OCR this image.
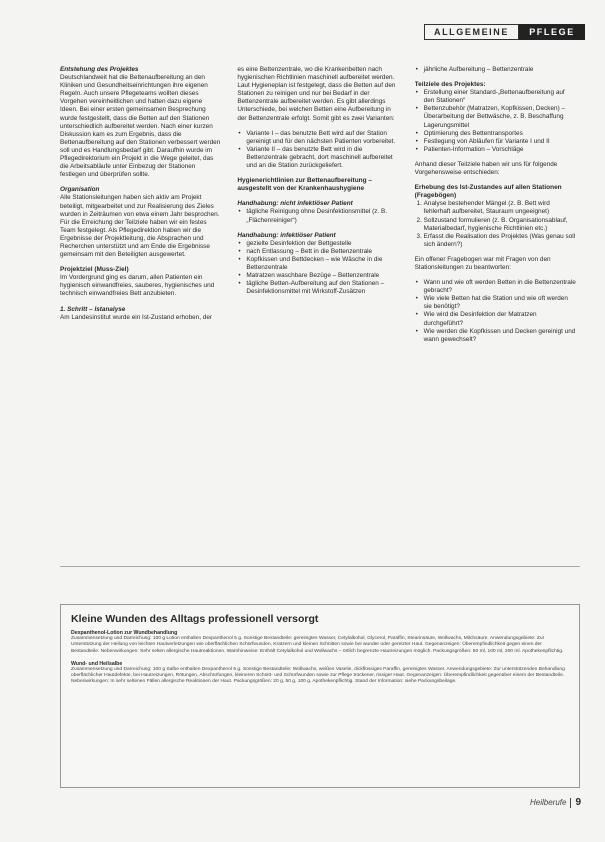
ALLGEMEINE	PFLEGE
Entstehung des Projektes

Deutschlandweit hat die Bettenaufbereitung an den Kliniken und Gesundheitseinrichtungen ihre eigenen Regeln. Auch unsere Pflegeteams wollten dieses Vorgehen vereinheitlichen und hatten dazu eigene Ideen. Bei einer ersten gemeinsamen Besprechung wurde festgestellt, dass die Betten auf den Stationen unterschiedlich aufbereitet werden. Nach einer kurzen Diskussion kam es zum Ergebnis, dass die Bettenaufbereitung auf den Stationen verbessert werden soll und es Handlungsbedarf gibt. Daraufhin wurde im Pflegedirektorium ein Projekt in die Wege geleitet, das die Arbeitsabläufe unter Einbezug der Stationen festlegen und überprüfen sollte.

Organisation

Alle Stationsleitungen haben sich aktiv am Projekt beteiligt, mitgearbeitet und zur Realisierung des Zieles wurden in Zeiträumen von etwa einem Jahr besprochen. Für die Erreichung der Teilziele haben wir ein festes Team festgelegt. Als Pflegedirektion haben wir die Ergebnisse der Projektleitung, die Absprachen und Recherchen unterstützt und am Ende die Ergebnisse gemeinsam mit den Beteiligten ausgewertet.

Projektziel (Muss-Ziel)

Im Vordergrund ging es darum, allen Patienten ein hygienisch einwandfreies, sauberes, hygienisches und technisch einwandfreies Bett anzubieten.

1. Schritt – Istanalyse

Am Landesinstitut wurde ein Ist-Zustand erhoben, der

es eine Bettenzentrale, wo die Krankenbetten nach hygienischen Richtlinien maschinell aufbereitet werden. Laut Hygieneplan ist festgelegt, dass die Betten auf den Stationen zu reinigen und nur bei Bedarf in der Bettenzentrale aufbereitet werden. Es gibt allerdings Unterschiede, bei welchen Betten eine Aufbereitung in der Bettenzentrale erfolgt. Somit gibt es zwei Varianten:

• Variante I – das benutzte Bett wird auf der Station gereinigt und für den nächsten Patienten vorbereitet.
• Variante II – das benutzte Bett wird in die Bettenzentrale gebracht, dort maschinell aufbereitet und an die Station zurückgeliefert.
Hygienerichtlinien zur Bettenaufbereitung – ausgestellt von der Krankenhaushygiene

Handhabung: nicht infektiöser Patient
• tägliche Reinigung ohne Desinfektionsmittel (z. B. „Flächenreiniger“)
Handhabung: infektiöser Patient
• gezielte Desinfektion der Bettgestelle
• nach Entlassung – Bett in die Bettenzentrale
• Kopfkissen und Bettdecken – wie Wäsche in die Bettenzentrale
• Matratzen waschbare Bezüge – Bettenzentrale
• tägliche Betten-Aufbereitung auf den Stationen – Desinfektionsmittel mit Wirkstoff-Zusätzen
• jährliche Aufbereitung – Bettenzentrale
Teilziele des Projektes:
• Erstellung einer Standard-„Bettenaufbereitung auf den Stationen“
• Bettenzubehör (Matratzen, Kopfkissen, Decken) – Überarbeitung der Bettwäsche, z. B. Beschaffung Lagerungsmittel
• Optimierung des Bettentransportes
• Festlegung von Abläufen für Variante I und II
• Patienten-Information – Vorschläge

Anhand dieser Teilziele haben wir uns für folgende Vorgehensweise entschieden:

Erhebung des Ist-Zustandes auf allen Stationen (Fragebögen)
1. Analyse bestehender Mängel (z. B. Bett wird fehlerhaft aufbereitet, Stauraum ungeeignet)
2. Sollzustand formulieren (z. B. Organisationsablauf, Materialbedarf, hygienische Richtlinien etc.)
3. Erfasst die Realisation des Projektes (Was genau soll sich ändern?)

Ein offener Fragebogen war mit Fragen von den Stationsleitungen zu beantworten:

• Wann und wie oft werden Betten in die Bettenzentrale gebracht?
• Wie viele Betten hat die Station und wie oft werden sie benötigt?
• Wie wird die Desinfektion der Matratzen durchgeführt?
• Wie werden die Kopfkissen und Decken gereinigt und wann gewechselt?
Kleine Wunden des Alltags professionell versorgt
Dexpanthenol-Lotion zur Wundbehandlung

Zusammensetzung und Darreichung: 100 g Lotion enthalten Dexpanthenol 5 g. Sonstige Bestandteile: gereinigtes Wasser, Cetylalkohol, Glycerol, Paraffin, Stearinsäure, Wollwachs, Milchsäure. Anwendungsgebiete: Zur Unterstützung der Heilung von leichten Hautverletzungen wie oberflächlichen Schürfwunden, Kratzern und kleinen Schnitten sowie bei wunder oder gereizter Haut. Gegenanzeigen: Überempfindlichkeit gegen einen der Bestandteile. Nebenwirkungen: Sehr selten allergische Hautreaktionen. Warnhinweise: Enthält Cetylalkohol und Wollwachs – örtlich begrenzte Hautreizungen möglich. Packungsgrößen: 50 ml, 100 ml, 200 ml. Apothekenpflichtig.

Wund- und Heilsalbe

Zusammensetzung und Darreichung: 100 g Salbe enthalten Dexpanthenol 5 g. Sonstige Bestandteile: Wollwachs, weißes Vaselin, dickflüssiges Paraffin, gereinigtes Wasser. Anwendungsgebiete: Zur unterstützenden Behandlung oberflächlicher Hautdefekte, bei Hautreizungen, Rötungen, Abschürfungen, kleineren Schnitt- und Schürfwunden sowie zur Pflege trockener, rissiger Haut. Gegenanzeigen: Überempfindlichkeit gegenüber einem der Bestandteile. Nebenwirkungen: In sehr seltenen Fällen allergische Reaktionen der Haut. Packungsgrößen: 20 g, 50 g, 100 g. Apothekenpflichtig. Stand der Information: siehe Packungsbeilage.

Heilberufe 9
